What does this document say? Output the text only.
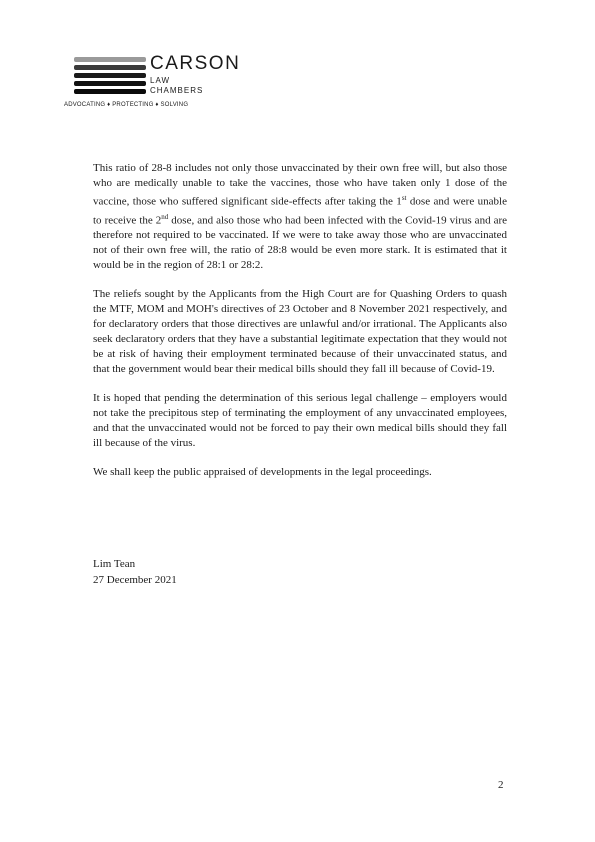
CARSON
LAW
CHAMBERS
ADVOCATING ♦ PROTECTING ♦ SOLVING

This ratio of 28-8 includes not only those unvaccinated by their own free will, but also those who are medically unable to take the vaccines, those who have taken only 1 dose of the vaccine, those who suffered significant side-effects after taking the 1st dose and were unable to receive the 2nd dose, and also those who had been infected with the Covid-19 virus and are therefore not required to be vaccinated. If we were to take away those who are unvaccinated not of their own free will, the ratio of 28:8 would be even more stark. It is estimated that it would be in the region of 28:1 or 28:2.

The reliefs sought by the Applicants from the High Court are for Quashing Orders to quash the MTF, MOM and MOH's directives of 23 October and 8 November 2021 respectively, and for declaratory orders that those directives are unlawful and/or irrational. The Applicants also seek declaratory orders that they have a substantial legitimate expectation that they would not be at risk of having their employment terminated because of their unvaccinated status, and that the government would bear their medical bills should they fall ill because of Covid-19.

It is hoped that pending the determination of this serious legal challenge – employers would not take the precipitous step of terminating the employment of any unvaccinated employees, and that the unvaccinated would not be forced to pay their own medical bills should they fall ill because of the virus.

We shall keep the public appraised of developments in the legal proceedings.

Lim Tean
27 December 2021
2
